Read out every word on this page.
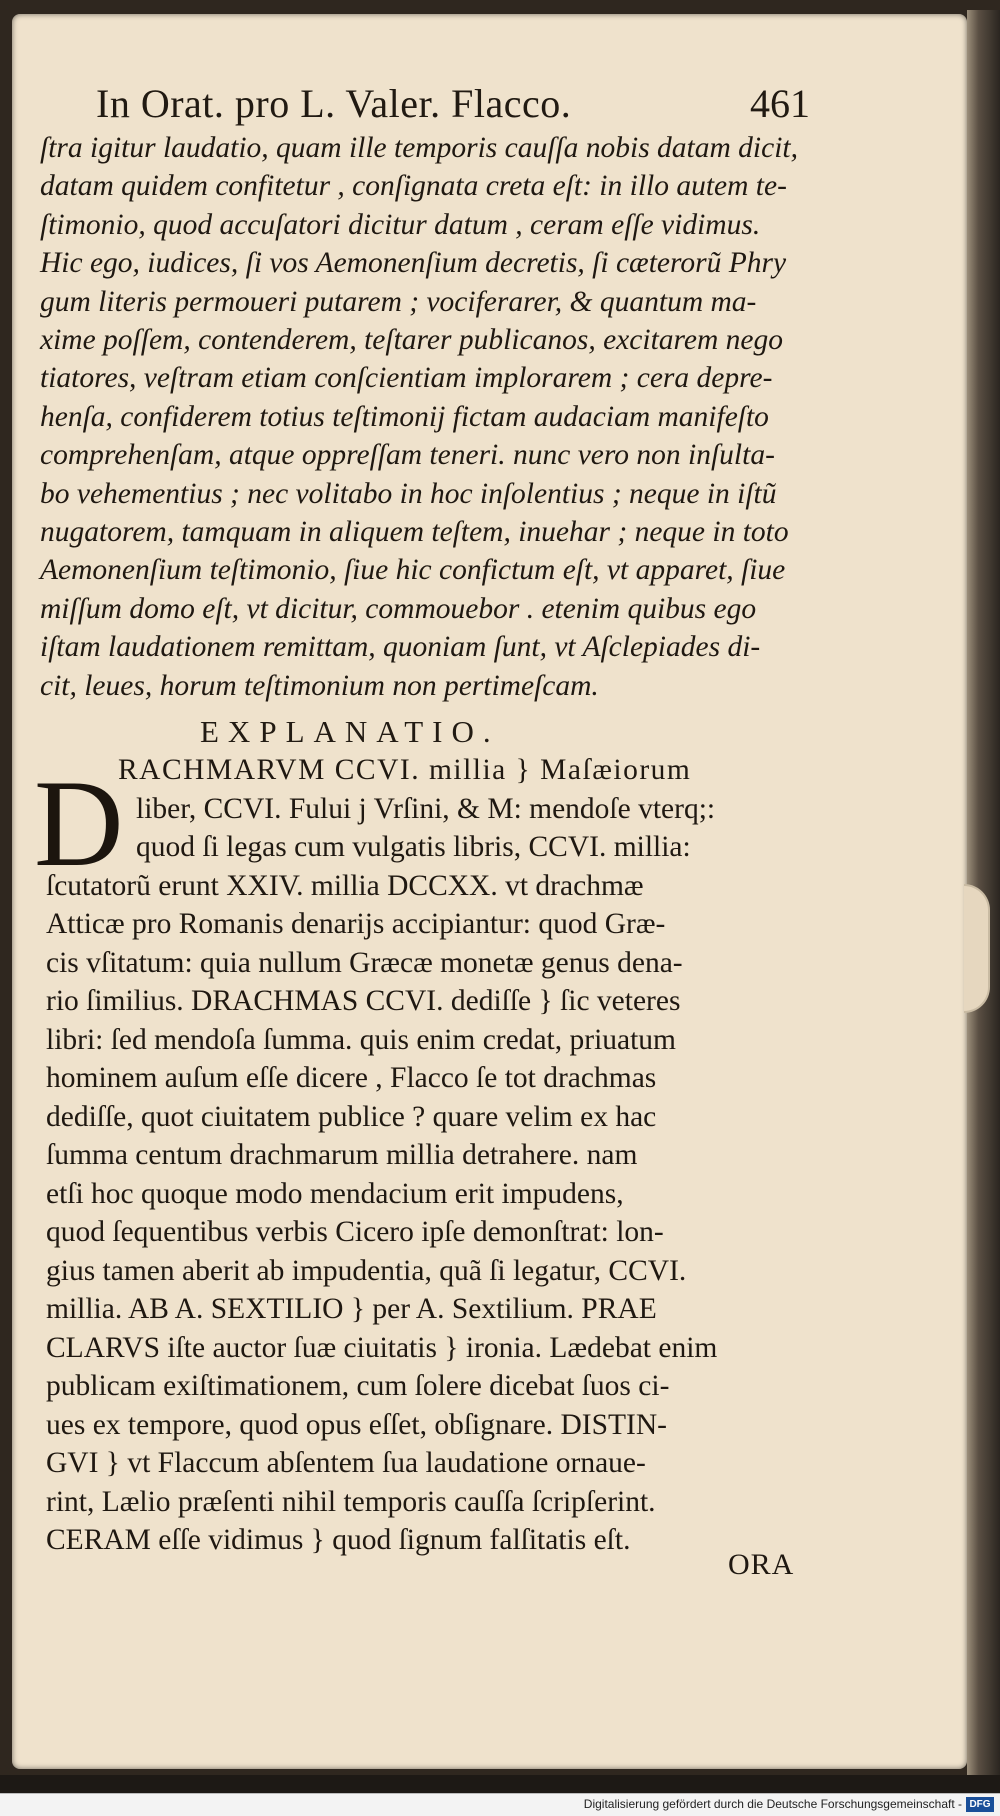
In Orat. pro L. Valer. Flacco.	461
ſtra igitur laudatio, quam ille temporis cauſſa nobis datam dicit,
datam quidem confitetur , conſignata creta eſt: in illo autem te-
ſtimonio, quod accuſatori dicitur datum , ceram eſſe vidimus.
Hic ego, iudices, ſi vos Aemonenſium decretis, ſi cæterorũ Phry
gum literis permoueri putarem ; vociferarer, & quantum ma-
xime poſſem, contenderem, teſtarer publicanos, excitarem nego
tiatores, veſtram etiam conſcientiam implorarem ; cera depre-
henſa, confiderem totius teſtimonij fictam audaciam manifeſto
comprehenſam, atque oppreſſam teneri. nunc vero non inſulta-
bo vehementius ; nec volitabo in hoc inſolentius ; neque in iſtũ
nugatorem, tamquam in aliquem teſtem, inuehar ; neque in toto
Aemonenſium teſtimonio, ſiue hic confictum eſt, vt apparet, ſiue
miſſum domo eſt, vt dicitur, commouebor . etenim quibus ego
iſtam laudationem remittam, quoniam ſunt, vt Aſclepiades di-
cit, leues, horum teſtimonium non pertimeſcam.
EXPLANATIO.
D
RACHMARVM CCVI. millia } Maſæiorum
liber, CCVI. Fului j Vrſini, & M: mendoſe vterq;:
quod ſi legas cum vulgatis libris, CCVI. millia:
ſcutatorũ erunt XXIV. millia DCCXX. vt drachmæ
Atticæ pro Romanis denarijs accipiantur: quod Græ-
cis vſitatum: quia nullum Græcæ monetæ genus dena-
rio ſimilius. DRACHMAS CCVI. dediſſe } ſic veteres
libri: ſed mendoſa ſumma. quis enim credat, priuatum
hominem auſum eſſe dicere , Flacco ſe tot drachmas
dediſſe, quot ciuitatem publice ? quare velim ex hac
ſumma centum drachmarum millia detrahere. nam
etſi hoc quoque modo mendacium erit impudens,
quod ſequentibus verbis Cicero ipſe demonſtrat: lon-
gius tamen aberit ab impudentia, quã ſi legatur, CCVI.
millia. AB A. SEXTILIO } per A. Sextilium. PRAE
CLARVS iſte auctor ſuæ ciuitatis } ironia. Lædebat enim
publicam exiſtimationem, cum ſolere dicebat ſuos ci-
ues ex tempore, quod opus eſſet, obſignare. DISTIN-
GVI } vt Flaccum abſentem ſua laudatione ornaue-
rint, Lælio præſenti nihil temporis cauſſa ſcripſerint.
CERAM eſſe vidimus } quod ſignum falſitatis eſt.
ORA
Digitalisierung gefördert durch die Deutsche Forschungsgemeinschaft - DFG
